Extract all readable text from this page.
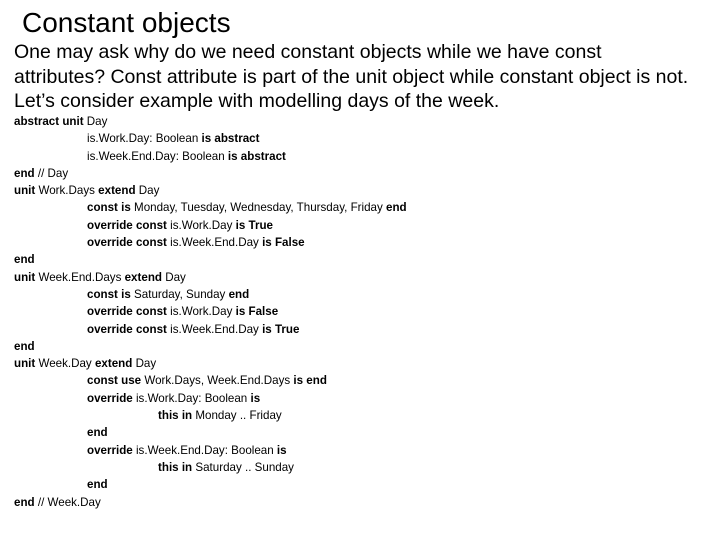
Constant objects
One may ask why do we need constant objects while we have const
attributes? Const attribute is part of the unit object while constant object is not.
Let’s consider example with modelling days of the week.
abstract unit Day
is.Work.Day: Boolean is abstract
is.Week.End.Day: Boolean is abstract
end // Day
unit Work.Days extend Day
const is Monday, Tuesday, Wednesday, Thursday, Friday end
override const is.Work.Day is True
override const is.Week.End.Day is False
end
unit Week.End.Days extend Day
const is Saturday, Sunday end
override const is.Work.Day is False
override const is.Week.End.Day is True
end
unit Week.Day extend Day
const use Work.Days, Week.End.Days is end
override is.Work.Day: Boolean is
this in Monday .. Friday
end
override is.Week.End.Day: Boolean is
this in Saturday .. Sunday
end
end // Week.Day
